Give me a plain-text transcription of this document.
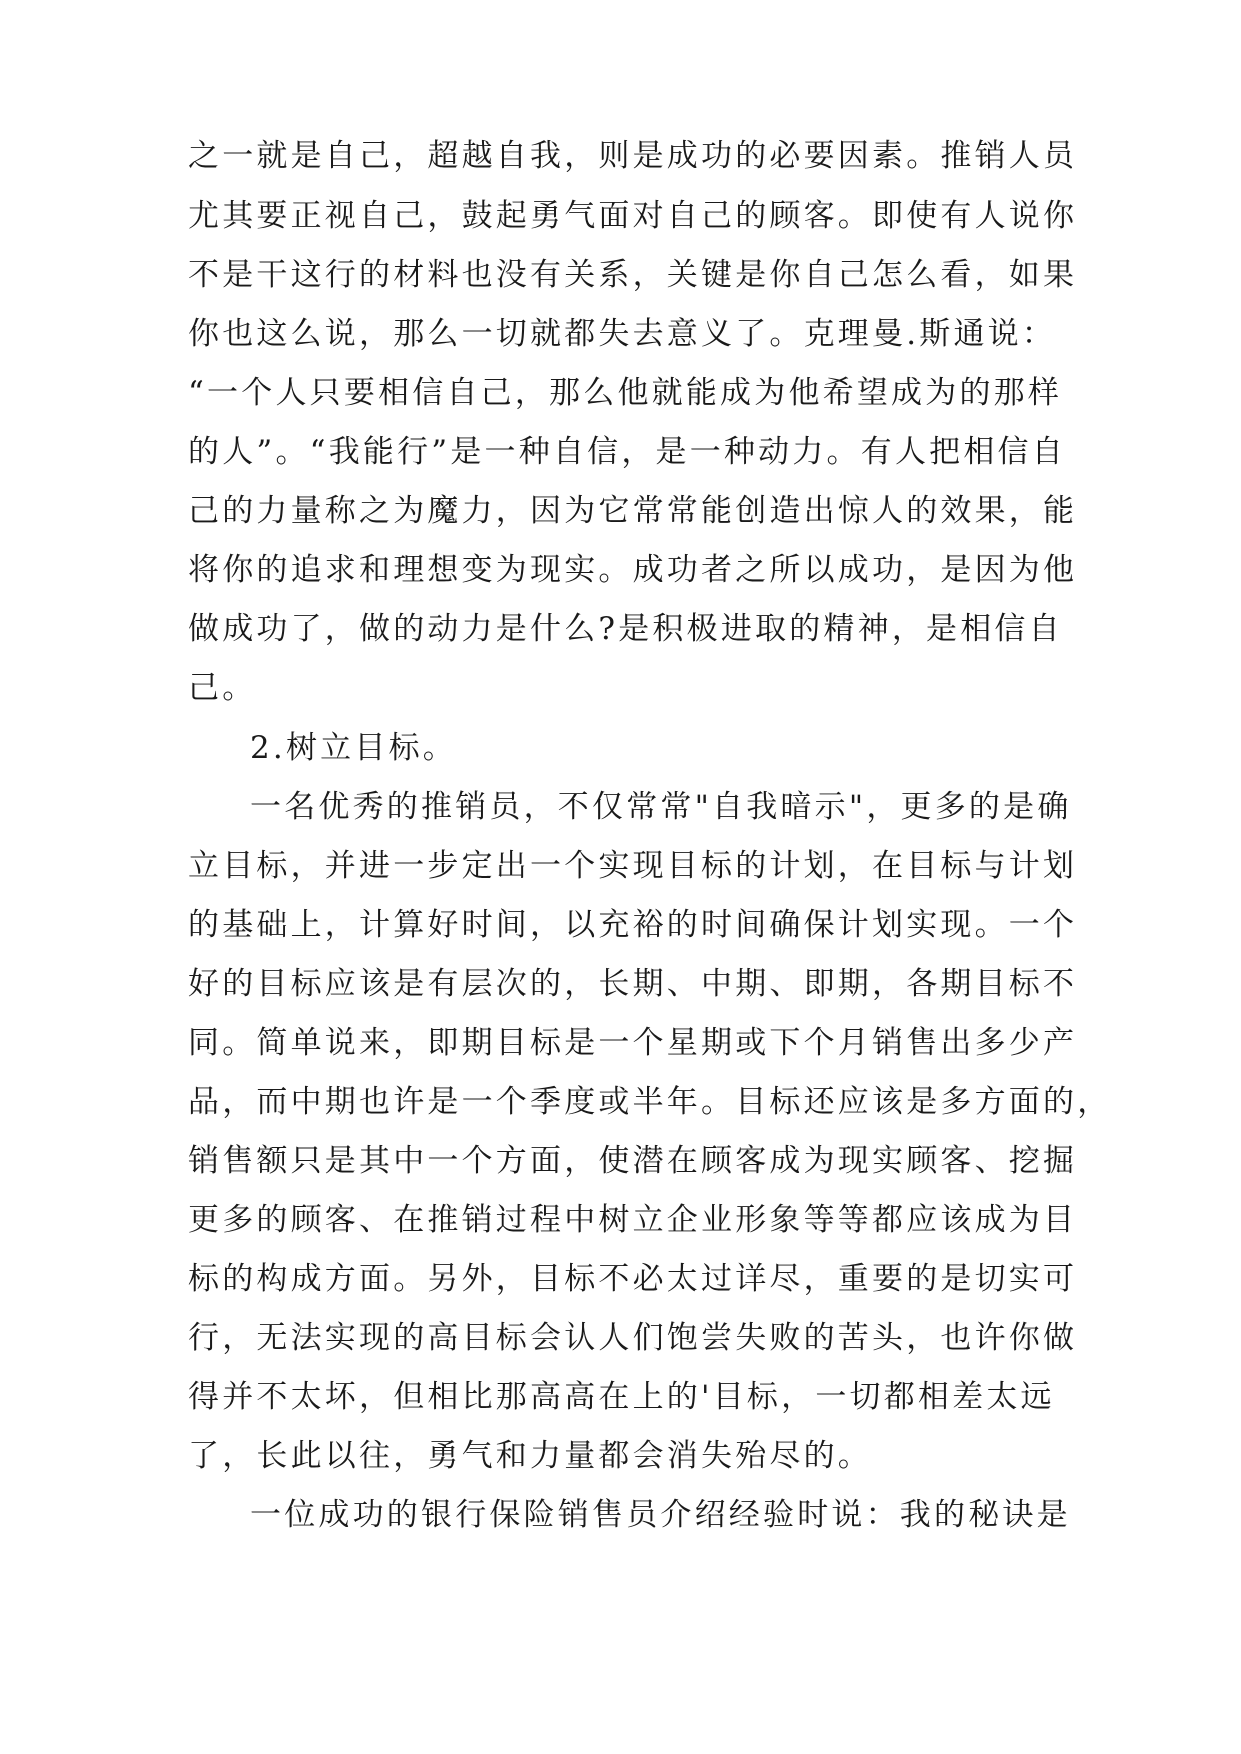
之一就是自己，超越自我，则是成功的必要因素。推销人员
尤其要正视自己，鼓起勇气面对自己的顾客。即使有人说你
不是干这行的材料也没有关系，关键是你自己怎么看，如果
你也这么说，那么一切就都失去意义了。克理曼.斯通说：
“一个人只要相信自己，那么他就能成为他希望成为的那样
的人”。“我能行”是一种自信，是一种动力。有人把相信自
己的力量称之为魔力，因为它常常能创造出惊人的效果，能
将你的追求和理想变为现实。成功者之所以成功，是因为他
做成功了，做的动力是什么?是积极进取的精神，是相信自
己。
2.树立目标。
一名优秀的推销员，不仅常常"自我暗示"，更多的是确
立目标，并进一步定出一个实现目标的计划，在目标与计划
的基础上，计算好时间，以充裕的时间确保计划实现。一个
好的目标应该是有层次的，长期、中期、即期，各期目标不
同。简单说来，即期目标是一个星期或下个月销售出多少产
品，而中期也许是一个季度或半年。目标还应该是多方面的，
销售额只是其中一个方面，使潜在顾客成为现实顾客、挖掘
更多的顾客、在推销过程中树立企业形象等等都应该成为目
标的构成方面。另外，目标不必太过详尽，重要的是切实可
行，无法实现的高目标会认人们饱尝失败的苦头，也许你做
得并不太坏，但相比那高高在上的'目标，一切都相差太远
了，长此以往，勇气和力量都会消失殆尽的。
一位成功的银行保险销售员介绍经验时说：我的秘诀是
